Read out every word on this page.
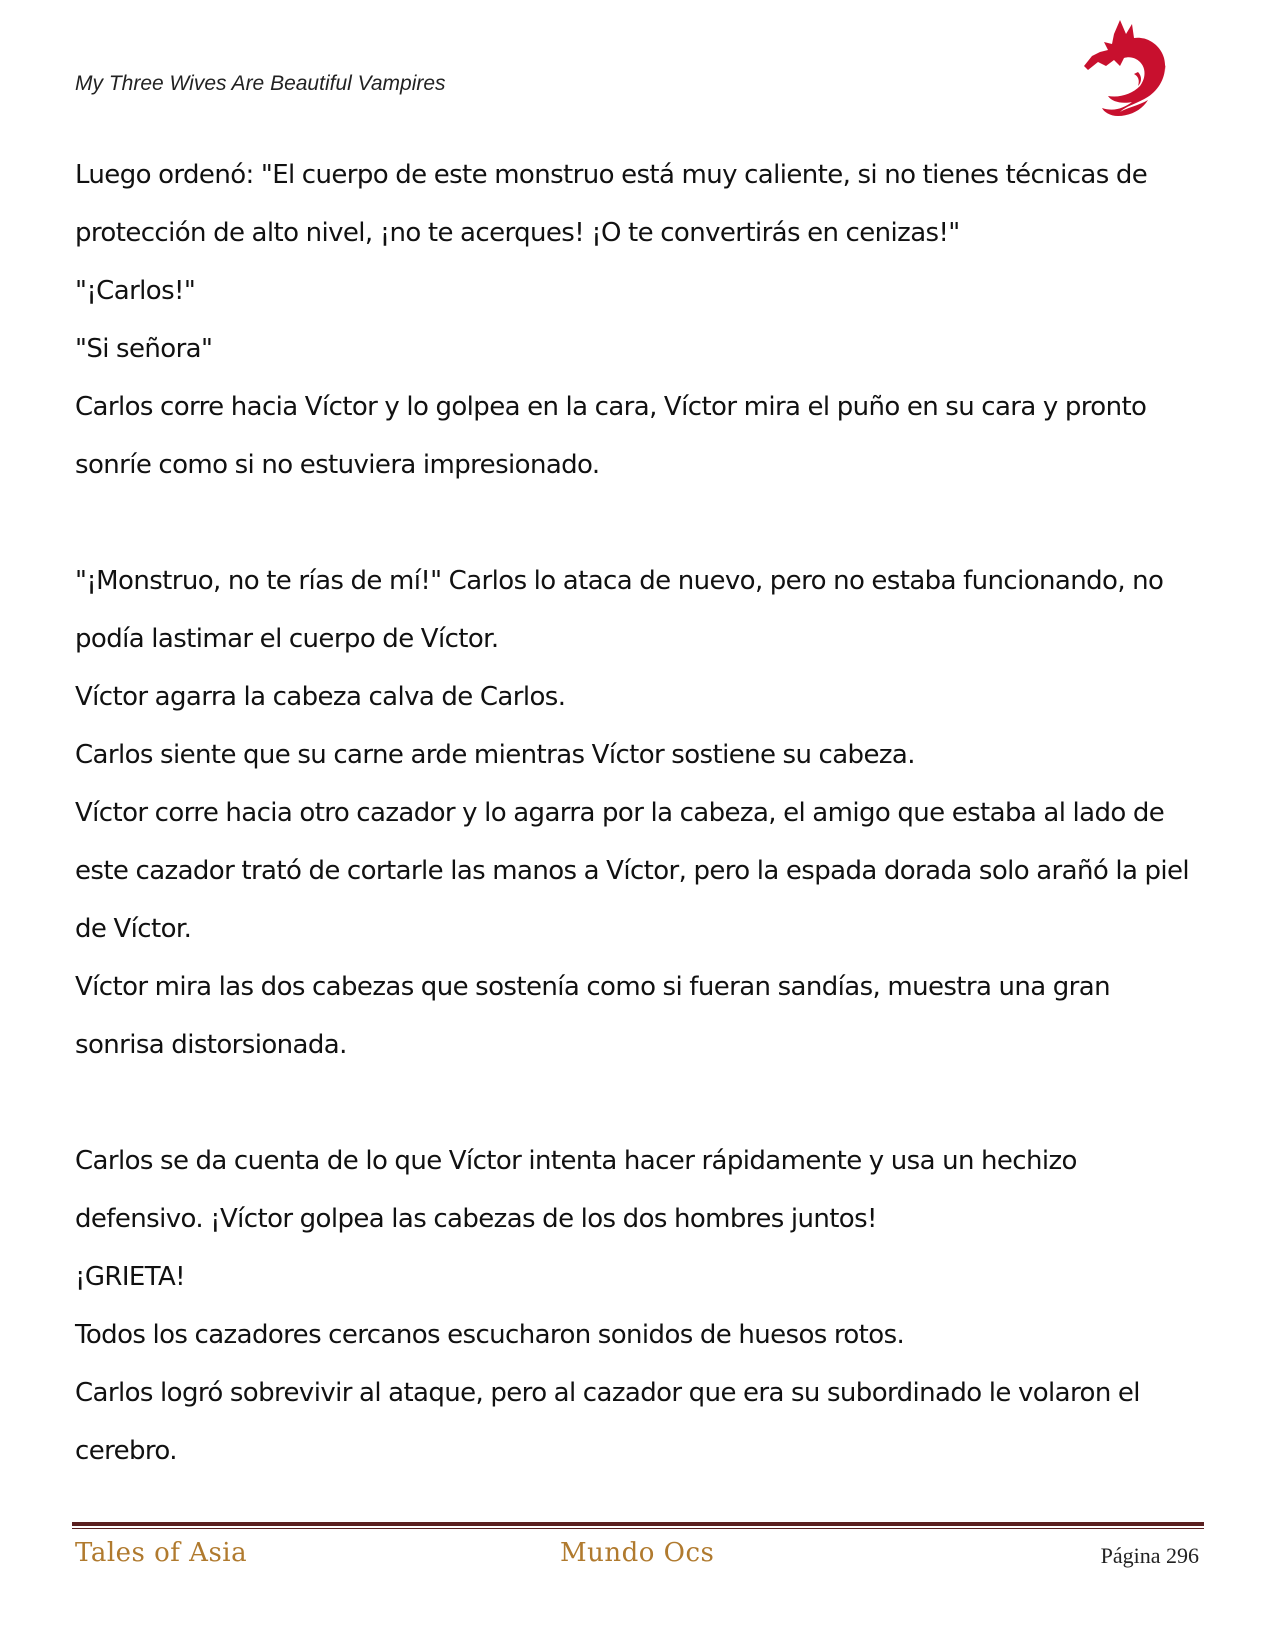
My Three Wives Are Beautiful Vampires

Luego ordenó: "El cuerpo de este monstruo está muy caliente, si no tienes técnicas de protección de alto nivel, ¡no te acerques! ¡O te convertirás en cenizas!"

"¡Carlos!"

"Si señora"

Carlos corre hacia Víctor y lo golpea en la cara, Víctor mira el puño en su cara y pronto sonríe como si no estuviera impresionado.

"¡Monstruo, no te rías de mí!" Carlos lo ataca de nuevo, pero no estaba funcionando, no podía lastimar el cuerpo de Víctor.

Víctor agarra la cabeza calva de Carlos.

Carlos siente que su carne arde mientras Víctor sostiene su cabeza.

Víctor corre hacia otro cazador y lo agarra por la cabeza, el amigo que estaba al lado de este cazador trató de cortarle las manos a Víctor, pero la espada dorada solo arañó la piel de Víctor.

Víctor mira las dos cabezas que sostenía como si fueran sandías, muestra una gran sonrisa distorsionada.

Carlos se da cuenta de lo que Víctor intenta hacer rápidamente y usa un hechizo defensivo. ¡Víctor golpea las cabezas de los dos hombres juntos!

¡GRIETA!

Todos los cazadores cercanos escucharon sonidos de huesos rotos.

Carlos logró sobrevivir al ataque, pero al cazador que era su subordinado le volaron el cerebro.

Tales of Asia	Mundo Ocs	Página 296
